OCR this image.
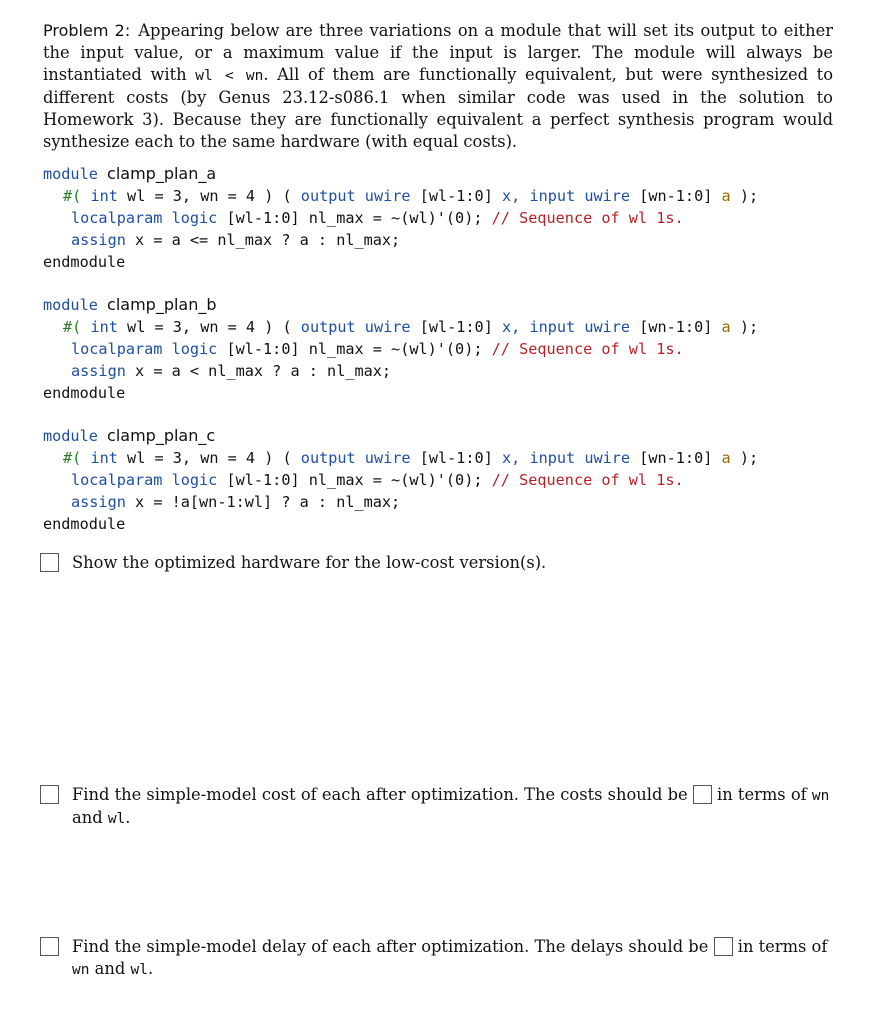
Problem 2: Appearing below are three variations on a module that will set its output to either the input value, or a maximum value if the input is larger. The module will always be instantiated with wl < wn. All of them are functionally equivalent, but were synthesized to different costs (by Genus 23.12-s086.1 when similar code was used in the solution to Homework 3). Because they are functionally equivalent a perfect synthesis program would synthesize each to the same hardware (with equal costs).
module clamp_plan_a
#( int wl = 3, wn = 4 ) ( output uwire [wl-1:0] x, input uwire [wn-1:0] a );
localparam logic [wl-1:0] nl_max = ~(wl)'(0); // Sequence of wl 1s.
assign x = a <= nl_max ? a : nl_max;
endmodule
module clamp_plan_b
#( int wl = 3, wn = 4 ) ( output uwire [wl-1:0] x, input uwire [wn-1:0] a );
localparam logic [wl-1:0] nl_max = ~(wl)'(0); // Sequence of wl 1s.
assign x = a < nl_max ? a : nl_max;
endmodule
module clamp_plan_c
#( int wl = 3, wn = 4 ) ( output uwire [wl-1:0] x, input uwire [wn-1:0] a );
localparam logic [wl-1:0] nl_max = ~(wl)'(0); // Sequence of wl 1s.
assign x = !a[wn-1:wl] ? a : nl_max;
endmodule
Show the optimized hardware for the low-cost version(s).
Find the simple-model cost of each after optimization. The costs should be in terms of wn and wl.
Find the simple-model delay of each after optimization. The delays should be in terms of wn and wl.
